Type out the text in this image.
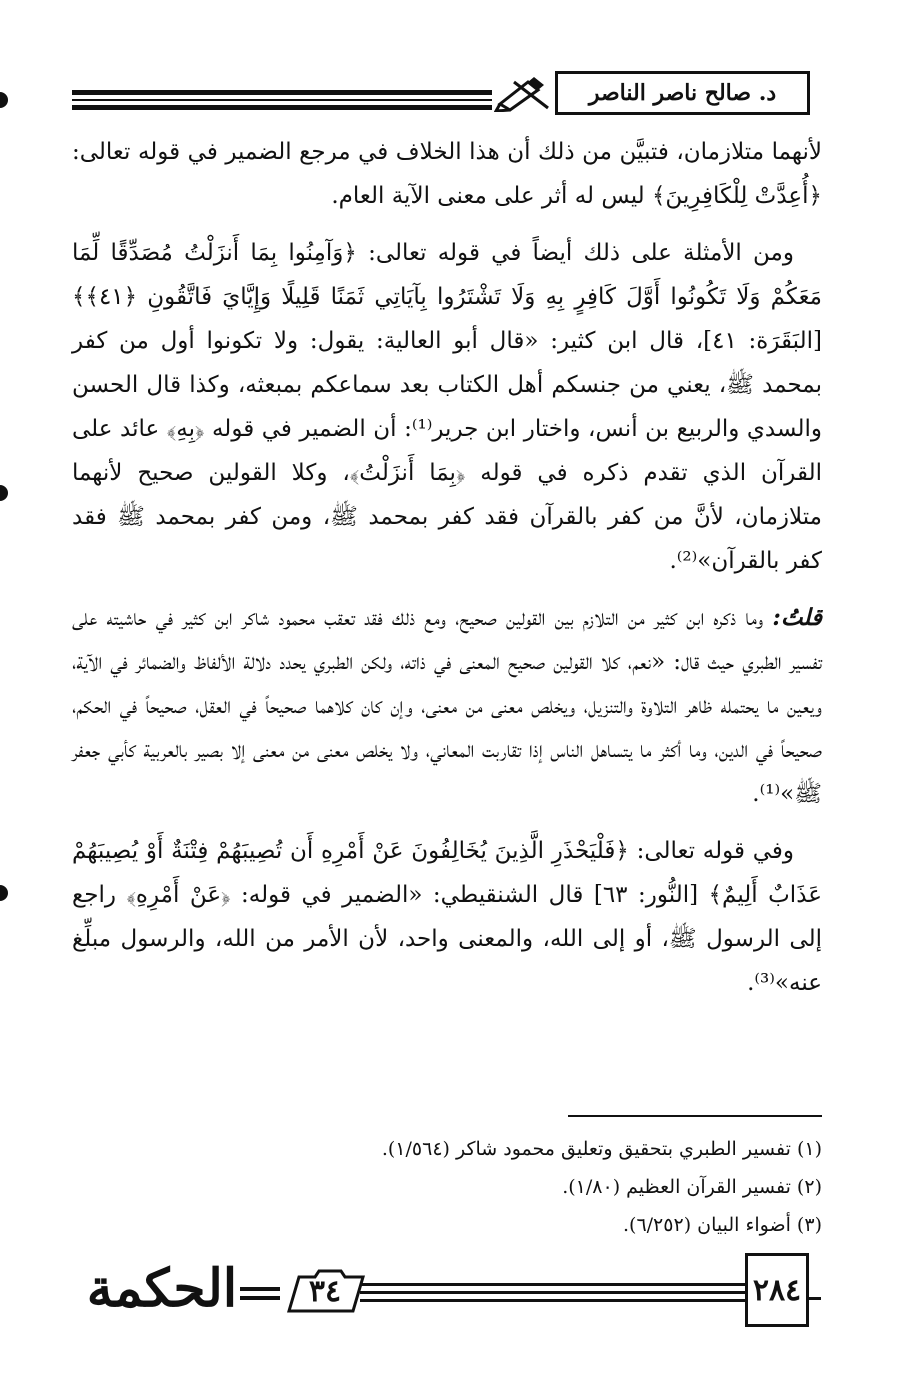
د. صالح ناصر الناصر

لأنهما متلازمان، فتبيَّن من ذلك أن هذا الخلاف في مرجع الضمير في قوله تعالى: ﴿أُعِدَّتْ لِلْكَافِرِينَ﴾ ليس له أثر على معنى الآية العام.

ومن الأمثلة على ذلك أيضاً في قوله تعالى: ﴿وَآمِنُوا بِمَا أَنزَلْتُ مُصَدِّقًا لِّمَا مَعَكُمْ وَلَا تَكُونُوا أَوَّلَ كَافِرٍ بِهِ وَلَا تَشْتَرُوا بِآيَاتِي ثَمَنًا قَلِيلًا وَإِيَّايَ فَاتَّقُونِ ﴿٤١﴾﴾ [البَقَرَة: ٤١]، قال ابن كثير: «قال أبو العالية: يقول: ولا تكونوا أول من كفر بمحمد ﷺ، يعني من جنسكم أهل الكتاب بعد سماعكم بمبعثه، وكذا قال الحسن والسدي والربيع بن أنس، واختار ابن جرير⁽¹⁾: أن الضمير في قوله ﴿بِهِ﴾ عائد على القرآن الذي تقدم ذكره في قوله ﴿بِمَا أَنزَلْتُ﴾، وكلا القولين صحيح لأنهما متلازمان، لأنَّ من كفر بالقرآن فقد كفر بمحمد ﷺ، ومن كفر بمحمد ﷺ فقد كفر بالقرآن»⁽²⁾.

قلتُ: وما ذكره ابن كثير من التلازم بين القولين صحيح، ومع ذلك فقد تعقب محمود شاكر ابن كثير في حاشيته على تفسير الطبري حيث قال: «نعم، كلا القولين صحيح المعنى في ذاته، ولكن الطبري يحدد دلالة الألفاظ والضمائر في الآية، ويعين ما يحتمله ظاهر التلاوة والتنزيل، ويخلص معنى من معنى، وإن كان كلاهما صحيحاً في العقل، صحيحاً في الحكم، صحيحاً في الدين، وما أكثر ما يتساهل الناس إذا تقاربت المعاني، ولا يخلص معنى من معنى إلا بصير بالعربية كأبي جعفر ﷺ»⁽¹⁾.

وفي قوله تعالى: ﴿فَلْيَحْذَرِ الَّذِينَ يُخَالِفُونَ عَنْ أَمْرِهِ أَن تُصِيبَهُمْ فِتْنَةٌ أَوْ يُصِيبَهُمْ عَذَابٌ أَلِيمٌ﴾ [النُّور: ٦٣] قال الشنقيطي: «الضمير في قوله: ﴿عَنْ أَمْرِهِ﴾ راجع إلى الرسول ﷺ، أو إلى الله، والمعنى واحد، لأن الأمر من الله، والرسول مبلِّغ عنه»⁽³⁾.

(١) تفسير الطبري بتحقيق وتعليق محمود شاكر (١/٥٦٤).

(٢) تفسير القرآن العظيم (١/٨٠).

(٣) أضواء البيان (٦/٢٥٢).

٢٨٤
٣٤
الحكمة
